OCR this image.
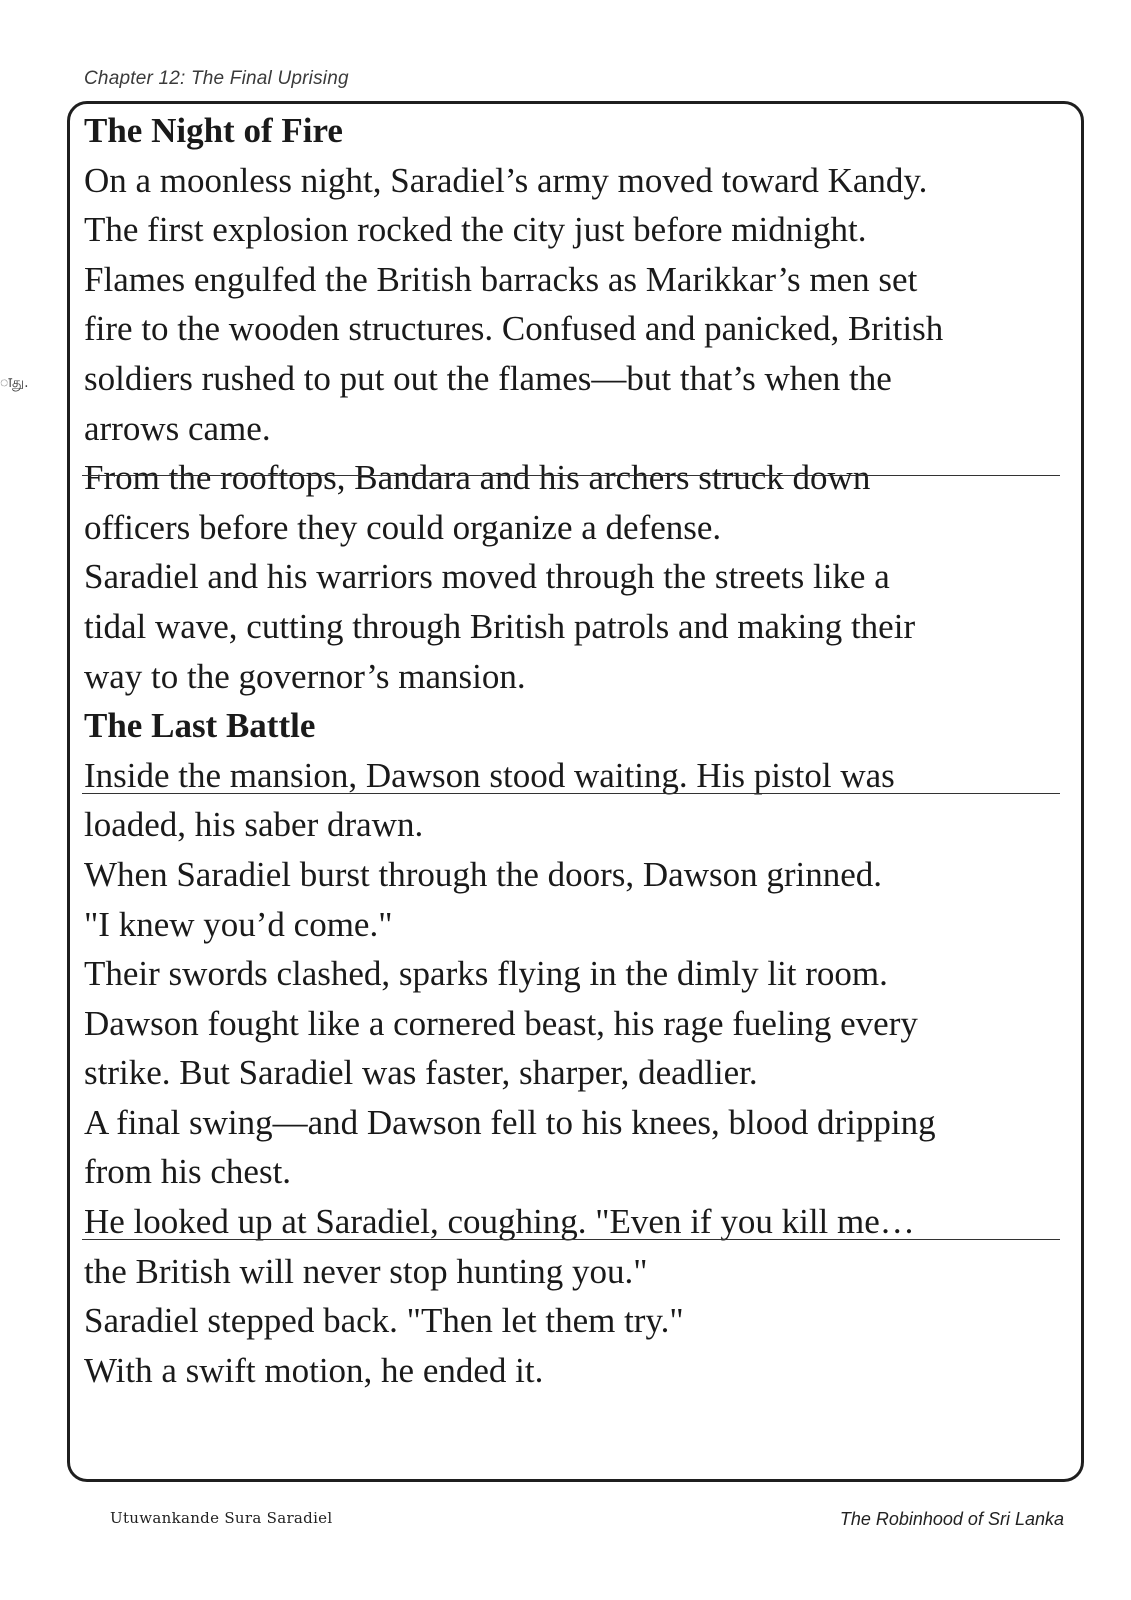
Chapter 12: The Final Uprising
ाது.
The Night of Fire
On a moonless night, Saradiel’s army moved toward Kandy.
The first explosion rocked the city just before midnight.
Flames engulfed the British barracks as Marikkar’s men set
fire to the wooden structures. Confused and panicked, British
soldiers rushed to put out the flames—but that’s when the
arrows came.
From the rooftops, Bandara and his archers struck down
officers before they could organize a defense.
Saradiel and his warriors moved through the streets like a
tidal wave, cutting through British patrols and making their
way to the governor’s mansion.
The Last Battle
Inside the mansion, Dawson stood waiting. His pistol was
loaded, his saber drawn.
When Saradiel burst through the doors, Dawson grinned.
"I knew you’d come."
Their swords clashed, sparks flying in the dimly lit room.
Dawson fought like a cornered beast, his rage fueling every
strike. But Saradiel was faster, sharper, deadlier.
A final swing—and Dawson fell to his knees, blood dripping
from his chest.
He looked up at Saradiel, coughing. "Even if you kill me…
the British will never stop hunting you."
Saradiel stepped back. "Then let them try."
With a swift motion, he ended it.
Utuwankande Sura Saradiel	The Robinhood of Sri Lanka
